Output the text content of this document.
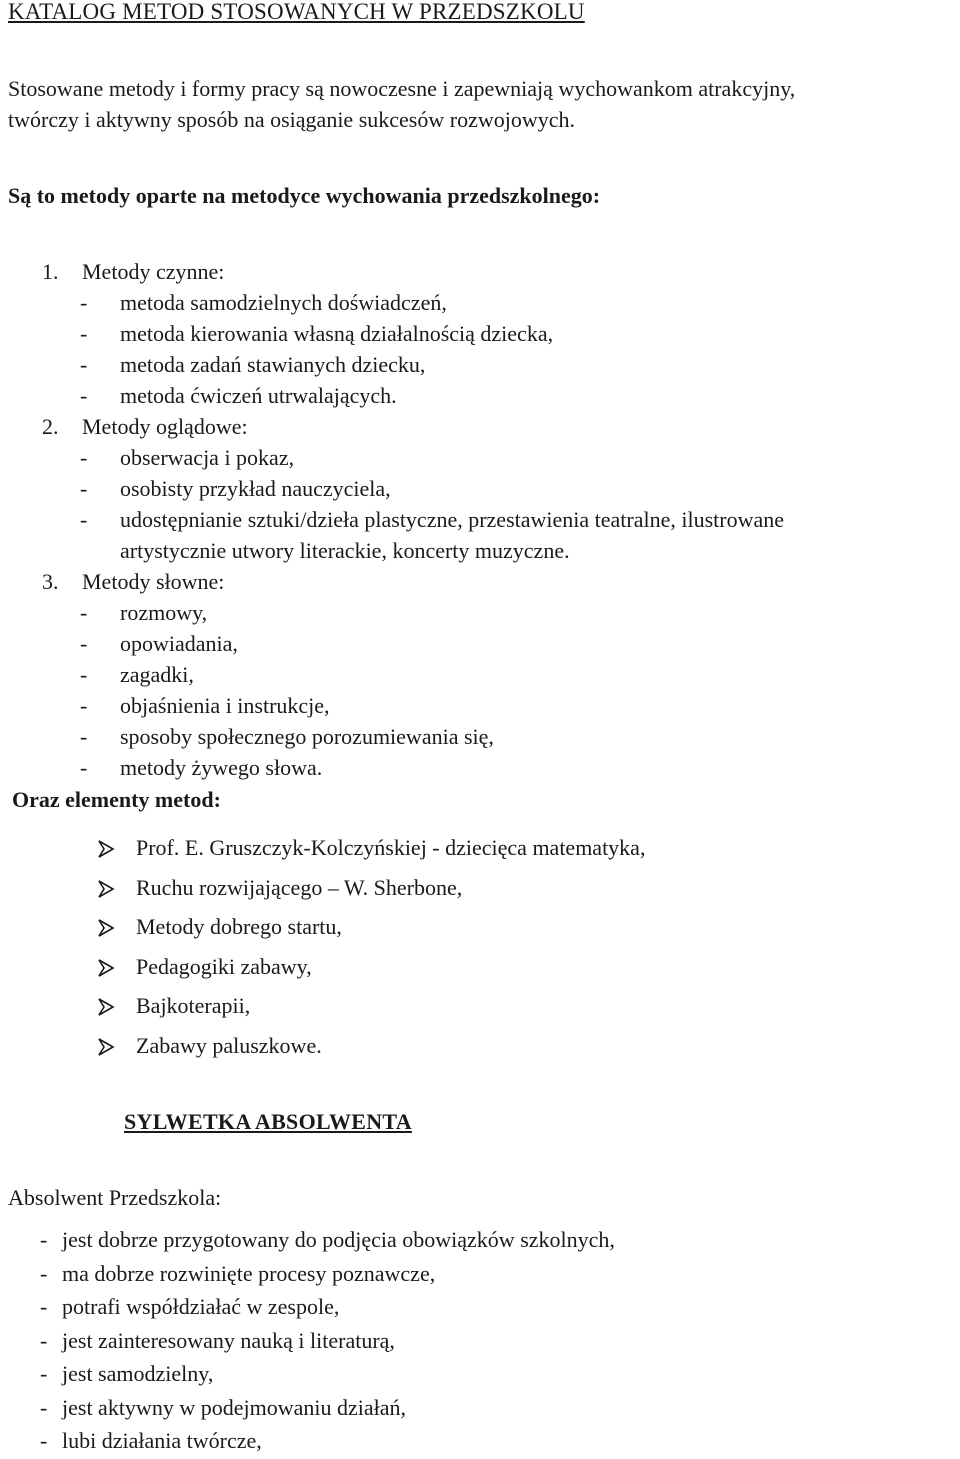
KATALOG METOD STOSOWANYCH W PRZEDSZKOLU

Stosowane metody i formy pracy są nowoczesne i zapewniają wychowankom atrakcyjny,
twórczy i aktywny sposób na osiąganie sukcesów rozwojowych.

Są to metody oparte na metodyce wychowania przedszkolnego:

1. Metody czynne:
- metoda samodzielnych doświadczeń,
- metoda kierowania własną działalnością dziecka,
- metoda zadań stawianych dziecku,
- metoda ćwiczeń utrwalających.
2. Metody oglądowe:
- obserwacja i pokaz,
- osobisty przykład nauczyciela,
- udostępnianie sztuki/dzieła plastyczne, przestawienia teatralne, ilustrowane artystycznie utwory literackie, koncerty muzyczne.
3. Metody słowne:
- rozmowy,
- opowiadania,
- zagadki,
- objaśnienia i instrukcje,
- sposoby społecznego porozumiewania się,
- metody żywego słowa.
Oraz elementy metod:
Prof. E. Gruszczyk-Kolczyńskiej - dziecięca matematyka,
Ruchu rozwijającego – W. Sherbone,
Metody dobrego startu,
Pedagogiki zabawy,
Bajkoterapii,
Zabawy paluszkowe.
SYLWETKA ABSOLWENTA
Absolwent Przedszkola:
- jest dobrze przygotowany do podjęcia obowiązków szkolnych,
- ma dobrze rozwinięte procesy poznawcze,
- potrafi współdziałać w zespole,
- jest zainteresowany nauką i literaturą,
- jest samodzielny,
- jest aktywny w podejmowaniu działań,
- lubi działania twórcze,
